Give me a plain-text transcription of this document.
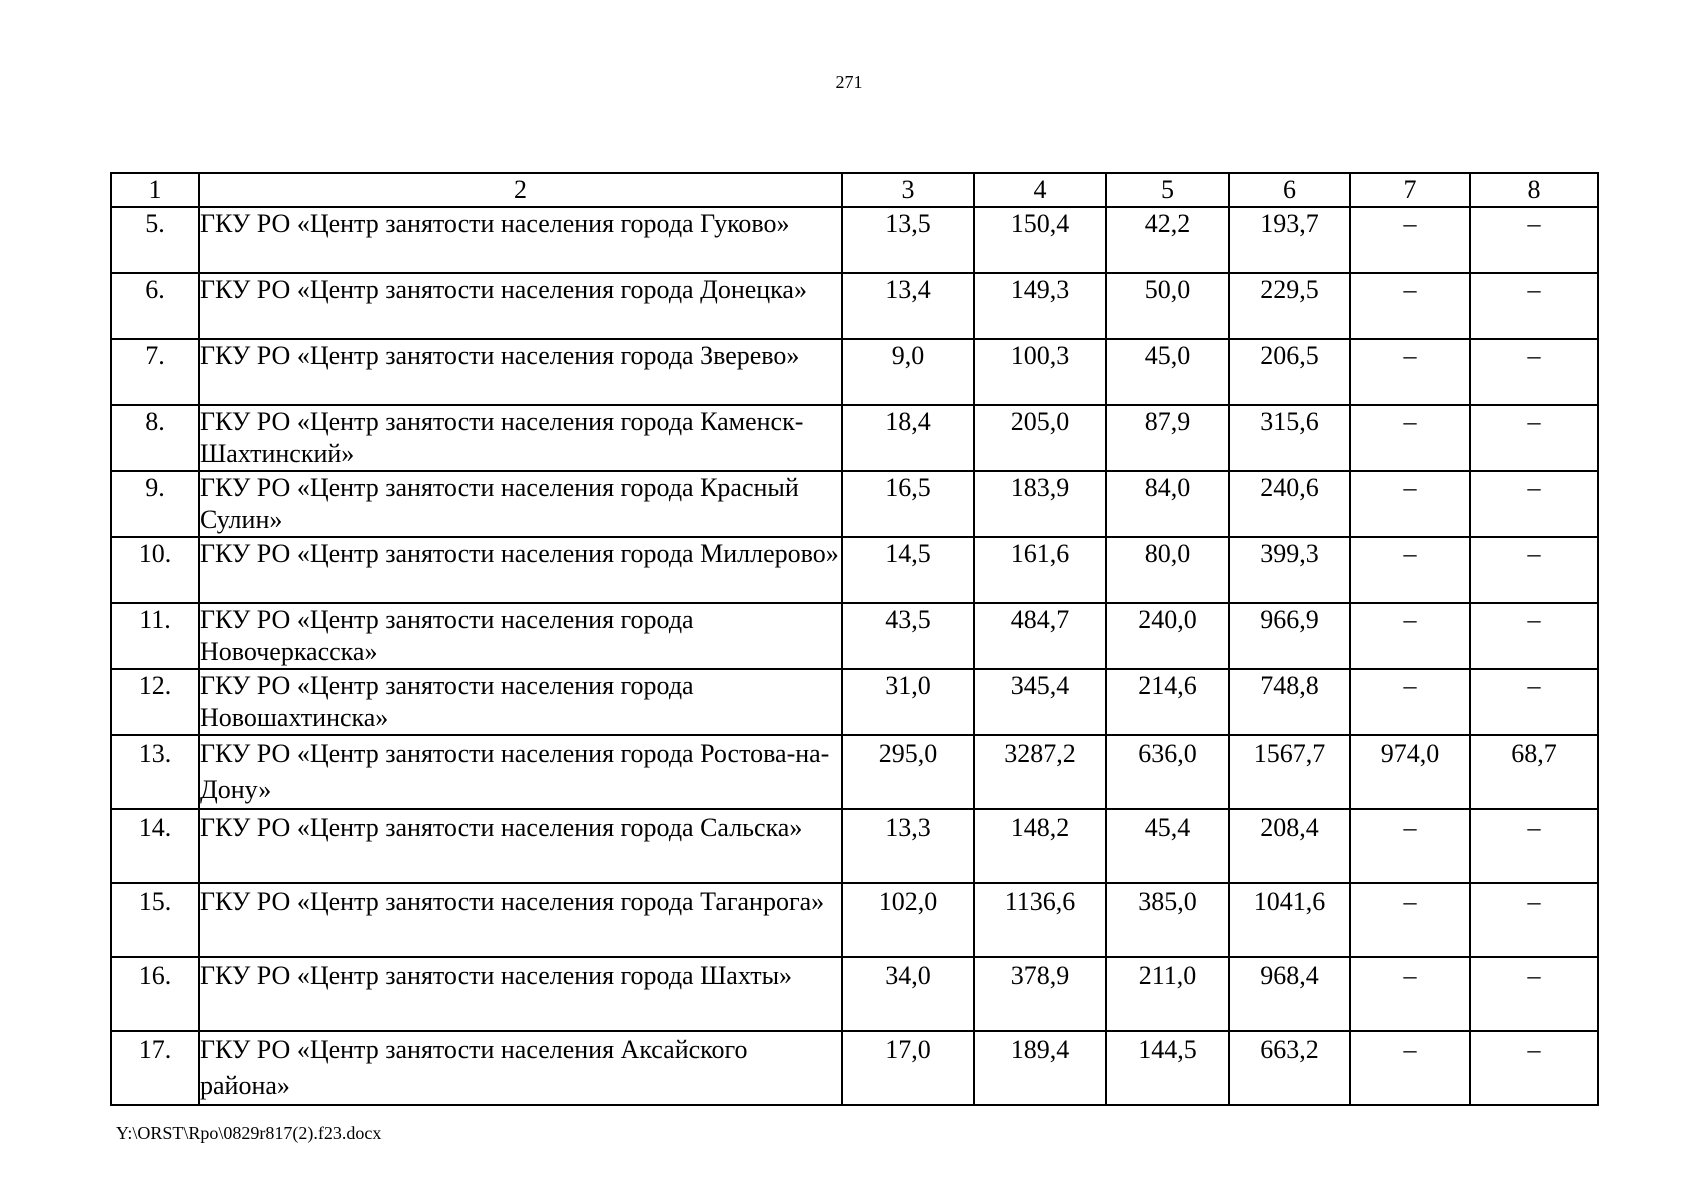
271
1	2	3	4	5	6	7	8
5.	ГКУ РО «Центр занятости населения города Гуково»	13,5	150,4	42,2	193,7	–	–
6.	ГКУ РО «Центр занятости населения города Донецка»	13,4	149,3	50,0	229,5	–	–
7.	ГКУ РО «Центр занятости населения города Зверево»	9,0	100,3	45,0	206,5	–	–
8.	ГКУ РО «Центр занятости населения города Каменск-Шахтинский»	18,4	205,0	87,9	315,6	–	–
9.	ГКУ РО «Центр занятости населения города Красный Сулин»	16,5	183,9	84,0	240,6	–	–
10.	ГКУ РО «Центр занятости населения города Миллерово»	14,5	161,6	80,0	399,3	–	–
11.	ГКУ РО «Центр занятости населения города Новочеркасска»	43,5	484,7	240,0	966,9	–	–
12.	ГКУ РО «Центр занятости населения города Новошахтинска»	31,0	345,4	214,6	748,8	–	–
13.	ГКУ РО «Центр занятости населения города Ростова-на-Дону»	295,0	3287,2	636,0	1567,7	974,0	68,7
14.	ГКУ РО «Центр занятости населения города Сальска»	13,3	148,2	45,4	208,4	–	–
15.	ГКУ РО «Центр занятости населения города Таганрога»	102,0	1136,6	385,0	1041,6	–	–
16.	ГКУ РО «Центр занятости населения города Шахты»	34,0	378,9	211,0	968,4	–	–
17.	ГКУ РО «Центр занятости населения Аксайского района»	17,0	189,4	144,5	663,2	–	–
Y:\ORST\Rpo\0829r817(2).f23.docx
